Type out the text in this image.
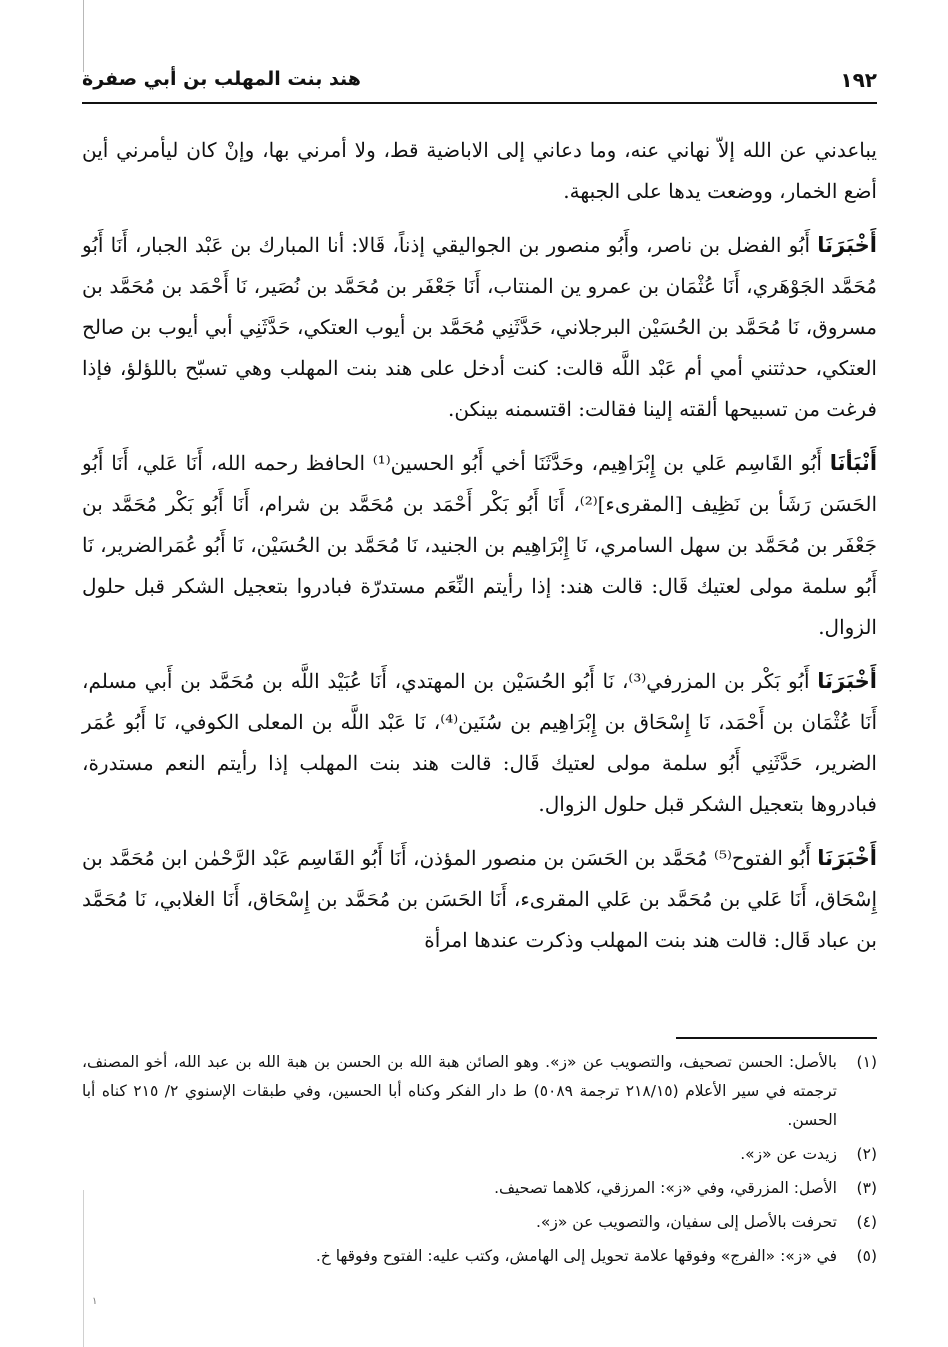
١٩٢
هند بنت المهلب بن أبي صفرة

يباعدني عن الله إلاّ نهاني عنه، وما دعاني إلى الاباضية قط، ولا أمرني بها، وإنْ كان ليأمرني أين أضع الخمار، ووضعت يدها على الجبهة.

أَخْبَرَنَا أَبُو الفضل بن ناصر، وأَبُو منصور بن الجواليقي إذناً، قَالا: أنا المبارك بن عَبْد الجبار، أَنَا أَبُو مُحَمَّد الجَوْهَري، أَنَا عُثْمَان بن عمرو ين المنتاب، أَنَا جَعْفَر بن مُحَمَّد بن نُصَير، نَا أَحْمَد بن مُحَمَّد بن مسروق، نَا مُحَمَّد بن الحُسَيْن البرجلاني، حَدَّثَنِي مُحَمَّد بن أيوب العتكي، حَدَّثَنِي أبي أيوب بن صالح العتكي، حدثتني أمي أم عَبْد اللَّه قالت: كنت أدخل على هند بنت المهلب وهي تسبّح باللؤلؤ، فإذا فرغت من تسبيحها ألقته إلينا فقالت: اقتسمنه بينكن.

أَنْبَأنَا أَبُو القَاسِم عَلي بن إِبْرَاهِيم، وحَدَّثَنَا أخي أَبُو الحسين⁽¹⁾ الحافظ رحمه الله، أَنَا عَلي، أَنَا أَبُو الحَسَن رَشَأ بن نَظِيف [المقرىء]⁽²⁾، أَنَا أَبُو بَكْر أَحْمَد بن مُحَمَّد بن شرام، أَنَا أَبُو بَكْر مُحَمَّد بن جَعْفَر بن مُحَمَّد بن سهل السامري، نَا إِبْرَاهِيم بن الجنيد، نَا مُحَمَّد بن الحُسَيْن، نَا أَبُو عُمَرالضرير، نَا أَبُو سلمة مولى لعتيك قَال: قالت هند: إذا رأيتم النِّعَم مستدرّة فبادروا بتعجيل الشكر قبل حلول الزوال.

أَخْبَرَنَا أَبُو بَكْر بن المزرفي⁽³⁾، نَا أَبُو الحُسَيْن بن المهتدي، أَنَا عُبَيْد اللَّه بن مُحَمَّد بن أَبي مسلم، أَنَا عُثْمَان بن أَحْمَد، نَا إِسْحَاق بن إِبْرَاهِيم بن سُنَين⁽⁴⁾، نَا عَبْد اللَّه بن المعلى الكوفي، نَا أَبُو عُمَر الضرير، حَدَّثَنِي أَبُو سلمة مولى لعتيك قَال: قالت هند بنت المهلب إذا رأيتم النعم مستدرة، فبادروها بتعجيل الشكر قبل حلول الزوال.

أَخْبَرَنَا أَبُو الفتوح⁽⁵⁾ مُحَمَّد بن الحَسَن بن منصور المؤذن، أَنَا أَبُو القَاسِم عَبْد الرَّحْمٰن ابن مُحَمَّد بن إِسْحَاق، أَنَا عَلي بن مُحَمَّد بن عَلي المقرىء، أَنَا الحَسَن بن مُحَمَّد بن إِسْحَاق، أَنَا الغلابي، نَا مُحَمَّد بن عباد قَال: قالت هند بنت المهلب وذكرت عندها امرأة

(١)
بالأصل: الحسن تصحيف، والتصويب عن «ز». وهو الصائن هبة الله بن الحسن بن هبة الله بن عبد الله، أخو المصنف، ترجمته في سير الأعلام (٢١٨/١٥ ترجمة ٥٠٨٩) ط دار الفكر وكناه أبا الحسين، وفي طبقات الإسنوي ٢/ ٢١٥ كناه أبا الحسن.

(٢)
زيدت عن «ز».

(٣)
الأصل: المزرقي، وفي «ز»: المرزقي، كلاهما تصحيف.

(٤)
تحرفت بالأصل إلى سفيان، والتصويب عن «ز».

(٥)
في «ز»: «الفرج» وفوقها علامة تحويل إلى الهامش، وكتب عليه: الفتوح وفوقها خ.

١
